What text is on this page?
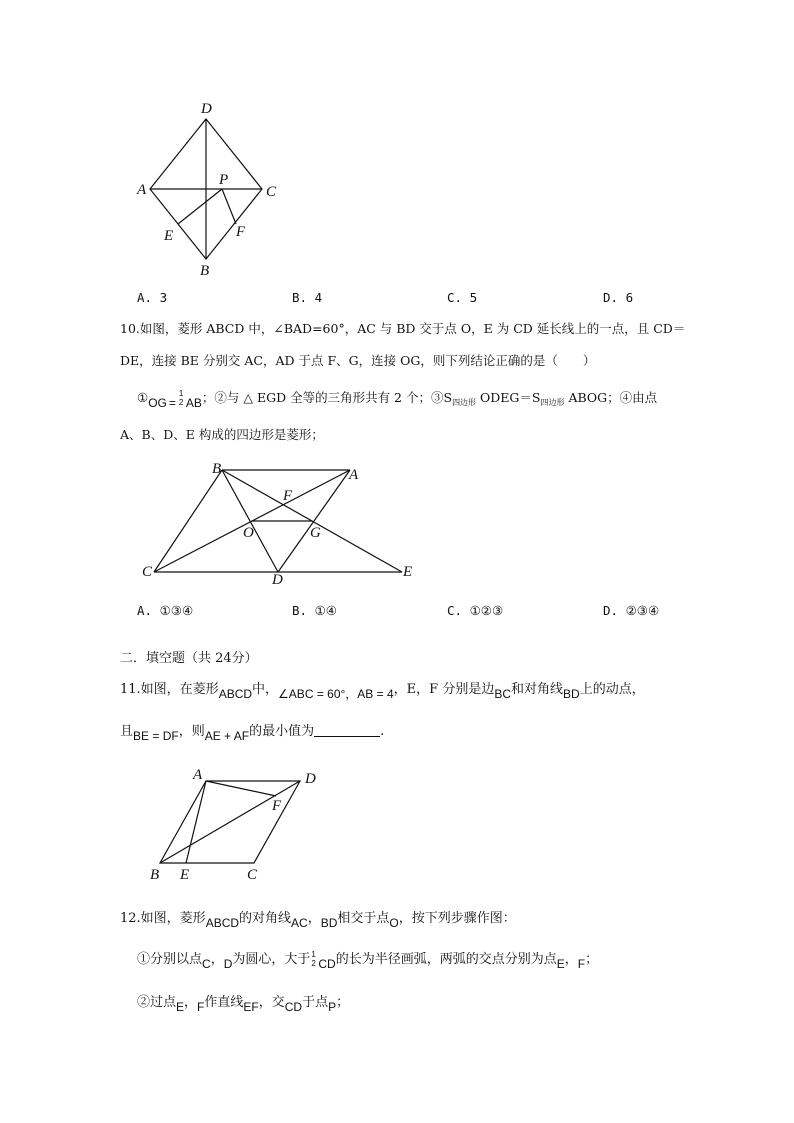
D
A
P
C
E	F
B
A. 3	B. 4	C. 5	D. 6
10.如图，菱形 ABCD 中，∠BAD=60°，AC 与 BD 交于点 O，E 为 CD 延长线上的一点，且 CD＝
DE，连接 BE 分别交 AC，AD 于点 F、G，连接 OG，则下列结论正确的是（　　）
①OG =
1
2 AB；②与 △ EGD 全等的三角形共有 2 个；$③S_{四边形}$ $ODEG=S_{四边形}$ ABOG；④由点
A、B、D、E 构成的四边形是菱形；
B	A
F
O	G
C	D	E
A. ①③④	B. ①④	C. ①②③	D. ②③④
二．填空题（共 24分）
11.如图，在菱形ABCD中，∠ABC = 60°，AB = 4，E，F 分别是边BC和对角线BD上的动点，
且BE = DF，则AE + AF的最小值为	.
A	D
F
B E	C
12.如图，菱形ABCD的对角线AC，BD相交于点O，按下列步骤作图：
①分别以点C，D为圆心，大于 1
2 CD的长为半径画弧，两弧的交点分别为点E，F；
②过点E，F作直线EF，交CD于点P；
